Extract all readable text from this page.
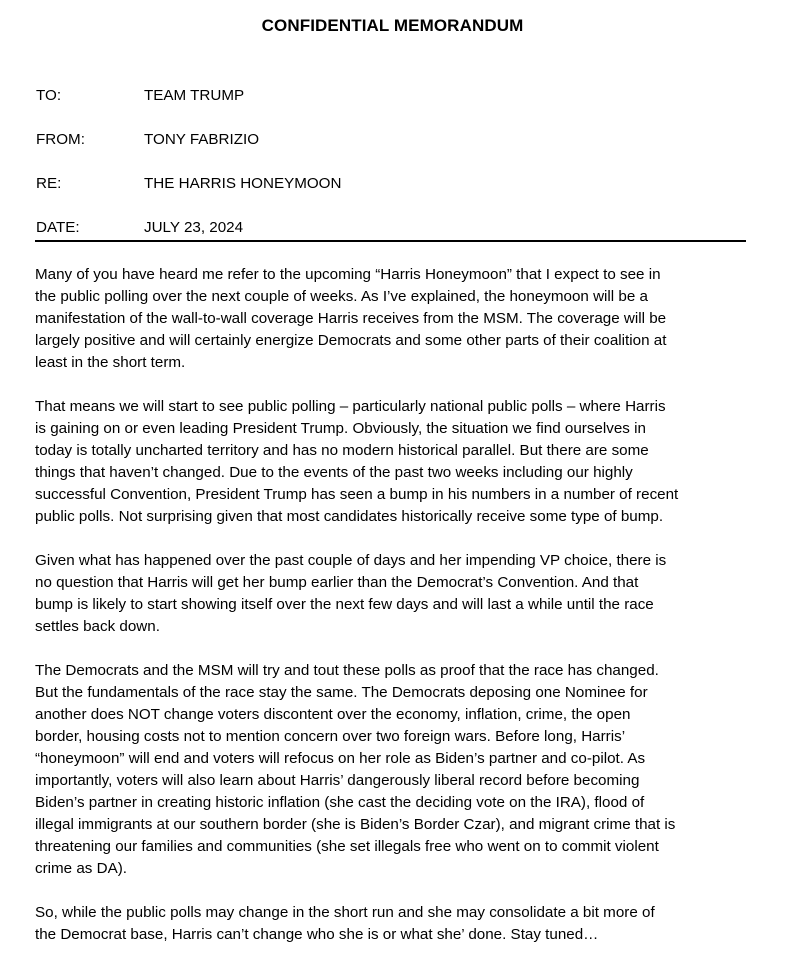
CONFIDENTIAL MEMORANDUM
TO:	TEAM TRUMP
FROM:	TONY FABRIZIO
RE:	THE HARRIS HONEYMOON
DATE:	JULY 23, 2024

Many of you have heard me refer to the upcoming “Harris Honeymoon” that I expect to see in
the public polling over the next couple of weeks. As I’ve explained, the honeymoon will be a
manifestation of the wall-to-wall coverage Harris receives from the MSM. The coverage will be
largely positive and will certainly energize Democrats and some other parts of their coalition at
least in the short term.

That means we will start to see public polling – particularly national public polls – where Harris
is gaining on or even leading President Trump. Obviously, the situation we find ourselves in
today is totally uncharted territory and has no modern historical parallel. But there are some
things that haven’t changed. Due to the events of the past two weeks including our highly
successful Convention, President Trump has seen a bump in his numbers in a number of recent
public polls. Not surprising given that most candidates historically receive some type of bump.

Given what has happened over the past couple of days and her impending VP choice, there is
no question that Harris will get her bump earlier than the Democrat’s Convention. And that
bump is likely to start showing itself over the next few days and will last a while until the race
settles back down.

The Democrats and the MSM will try and tout these polls as proof that the race has changed.
But the fundamentals of the race stay the same. The Democrats deposing one Nominee for
another does NOT change voters discontent over the economy, inflation, crime, the open
border, housing costs not to mention concern over two foreign wars. Before long, Harris’
“honeymoon” will end and voters will refocus on her role as Biden’s partner and co-pilot. As
importantly, voters will also learn about Harris’ dangerously liberal record before becoming
Biden’s partner in creating historic inflation (she cast the deciding vote on the IRA), flood of
illegal immigrants at our southern border (she is Biden’s Border Czar), and migrant crime that is
threatening our families and communities (she set illegals free who went on to commit violent
crime as DA).

So, while the public polls may change in the short run and she may consolidate a bit more of
the Democrat base, Harris can’t change who she is or what she’ done. Stay tuned…
